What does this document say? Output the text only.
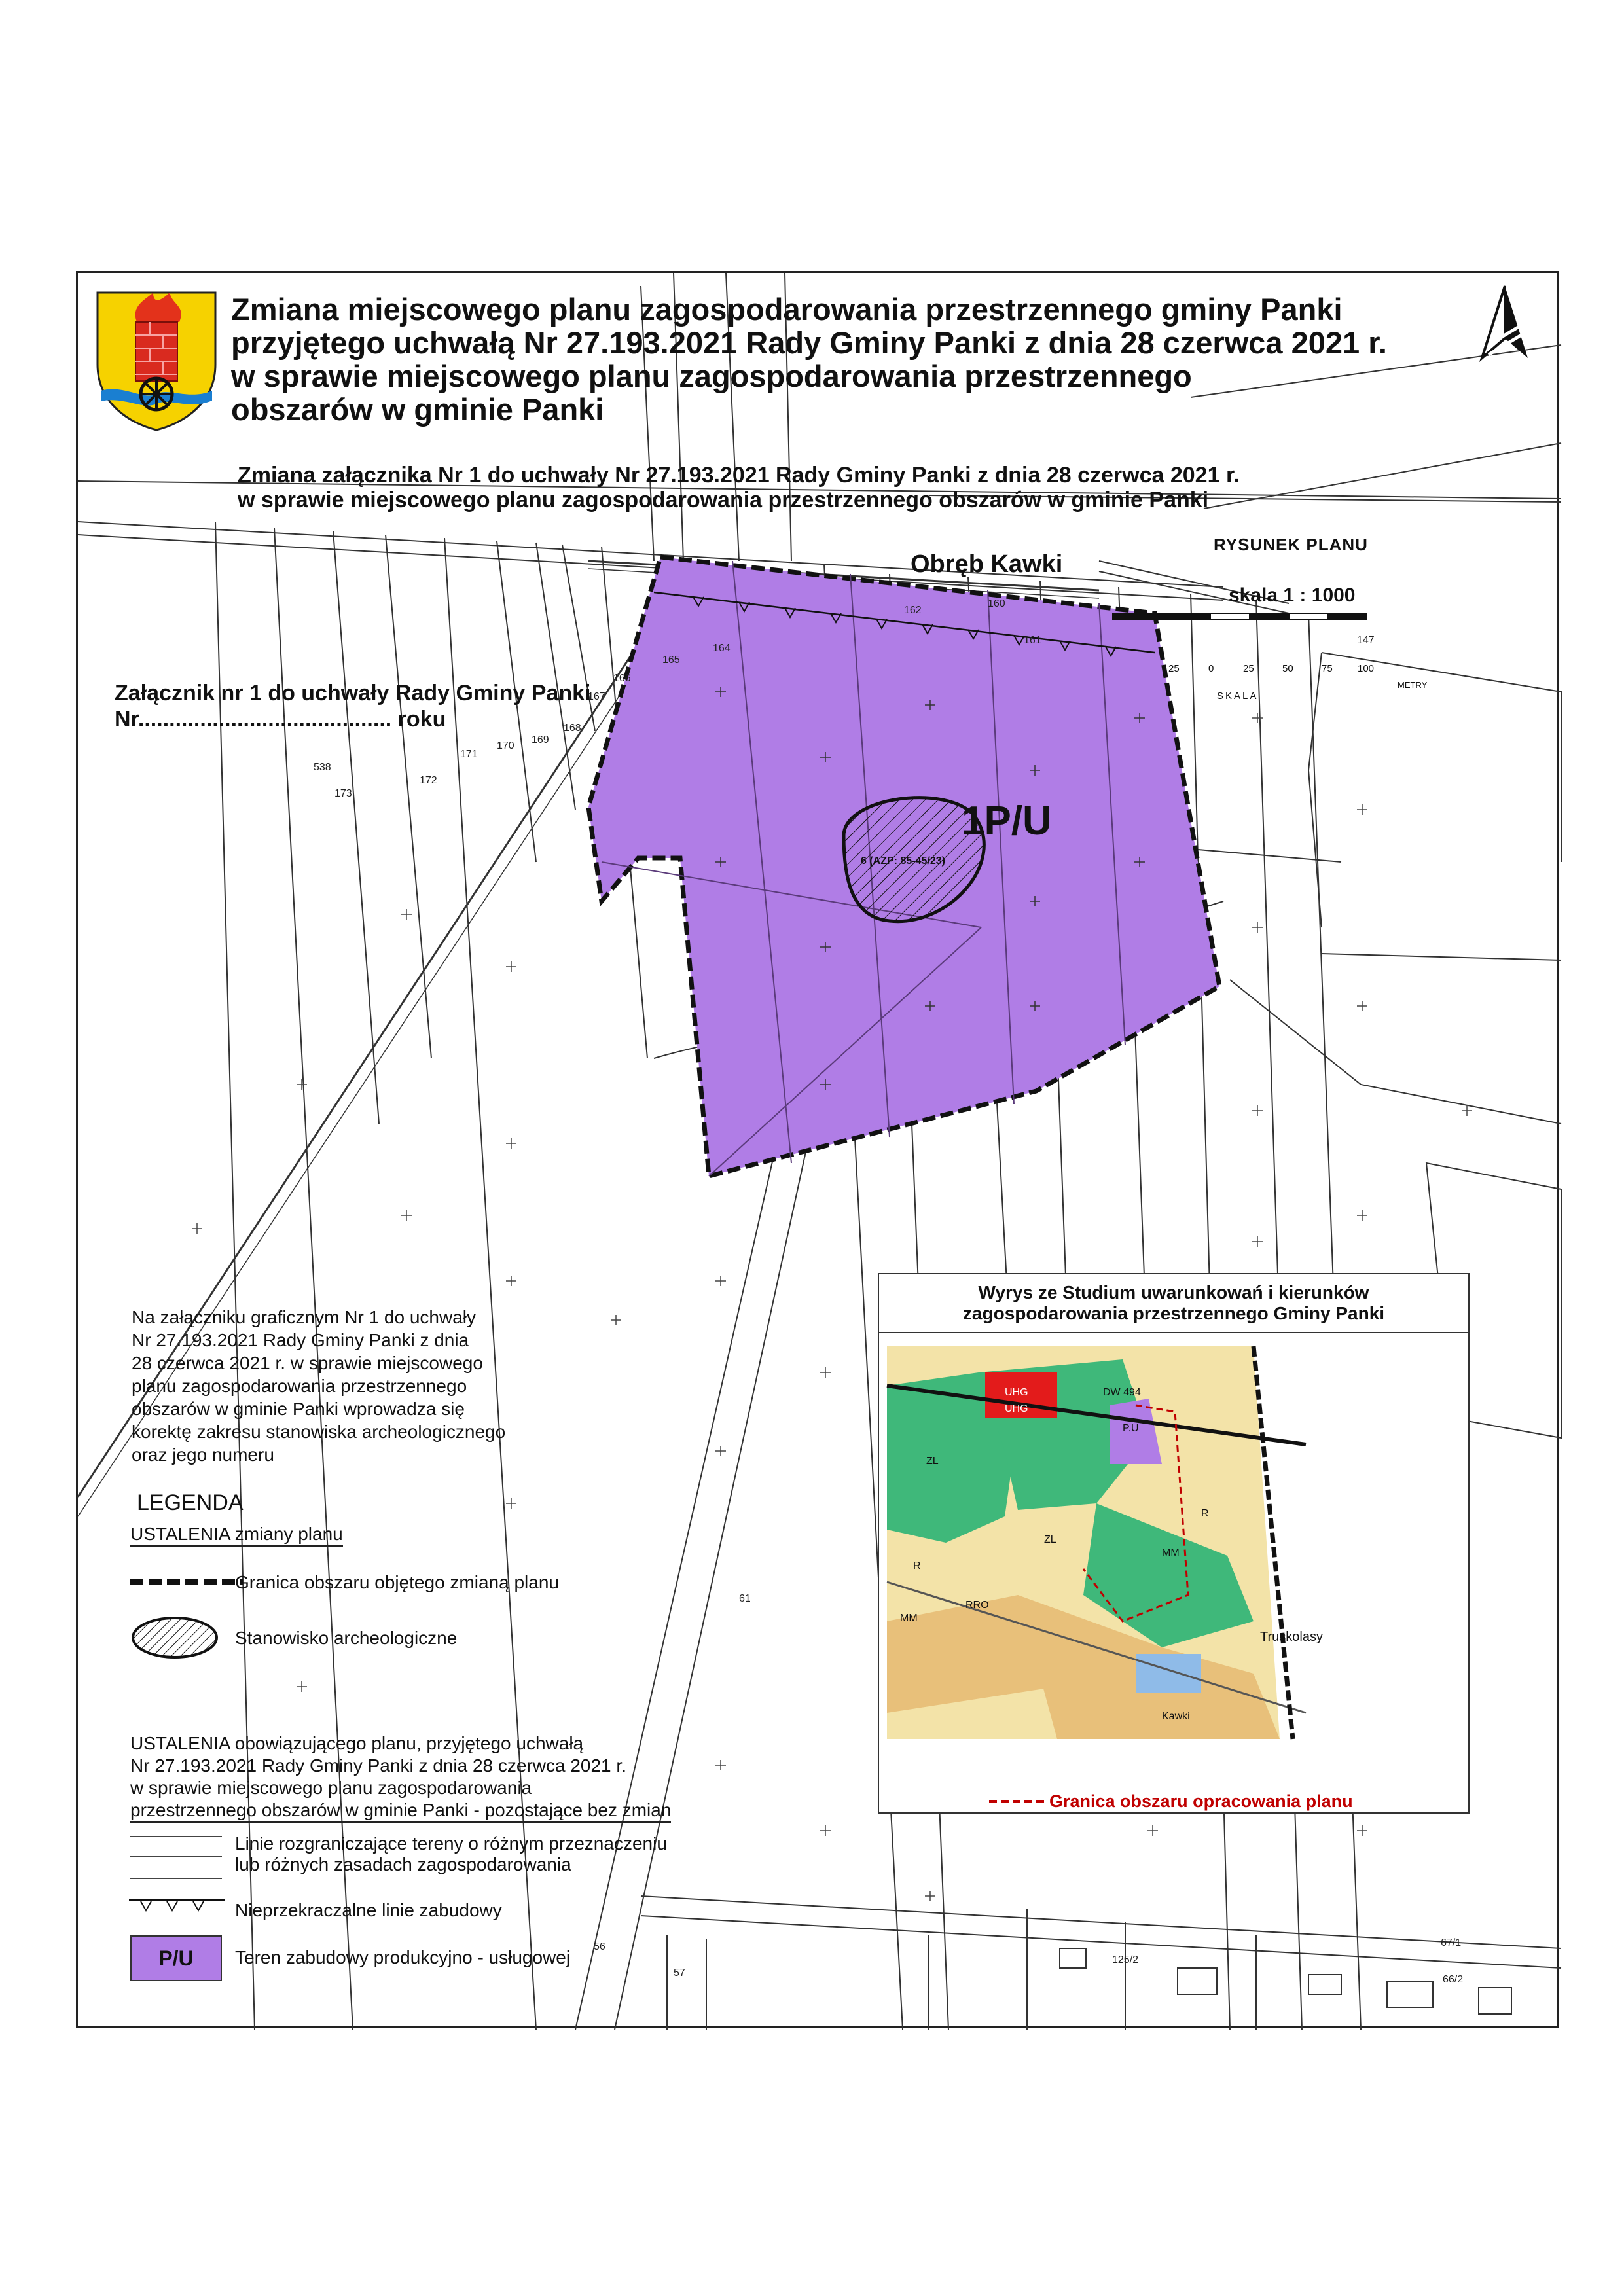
160
162
161	147
164
165
166
167
168
169
170
171
172
173
538
61
57
56
125/2
67/1
66/2
Zmiana miejscowego planu zagospodarowania przestrzennego gminy Panki
przyjętego uchwałą Nr 27.193.2021 Rady Gminy Panki z dnia 28 czerwca 2021 r.
w sprawie miejscowego planu zagospodarowania przestrzennego
obszarów w gminie Panki
Zmiana załącznika Nr 1 do uchwały Nr 27.193.2021 Rady Gminy Panki z dnia 28 czerwca 2021 r.
w sprawie miejscowego planu zagospodarowania przestrzennego obszarów w gminie Panki
Obręb Kawki
RYSUNEK PLANU
skala 1 : 1000
25	0	25	50	75	100
SKALA
METRY
Załącznik nr 1 do uchwały Rady Gminy Panki
Nr......................................... roku
1P/U
6 (AZP: 85-45/23)
Na załączniku graficznym Nr 1 do uchwały
Nr 27.193.2021 Rady Gminy Panki z dnia
28 czerwca 2021 r. w sprawie miejscowego
planu zagospodarowania przestrzennego
obszarów w gminie Panki wprowadza się
korektę zakresu stanowiska archeologicznego
oraz jego numeru
LEGENDA
USTALENIA zmiany planu
Granica obszaru objętego zmianą planu
Stanowisko archeologiczne
USTALENIA obowiązującego planu, przyjętego uchwałą
Nr 27.193.2021 Rady Gminy Panki z dnia 28 czerwca 2021 r.
w sprawie miejscowego planu zagospodarowania
przestrzennego obszarów w gminie Panki - pozostające bez zmian
Linie rozgraniczające tereny o różnym przeznaczeniu
lub różnych zasadach zagospodarowania
Nieprzekraczalne linie zabudowy
P/U	Teren zabudowy produkcyjno - usługowej
Wyrys ze Studium uwarunkowań i kierunków
zagospodarowania przestrzennego Gminy Panki
UHG
UHG
DW 494
P.U
ZL
ZL
R
MM
R
RRO
MM
Truskolasy
Kawki
Granica obszaru opracowania planu
